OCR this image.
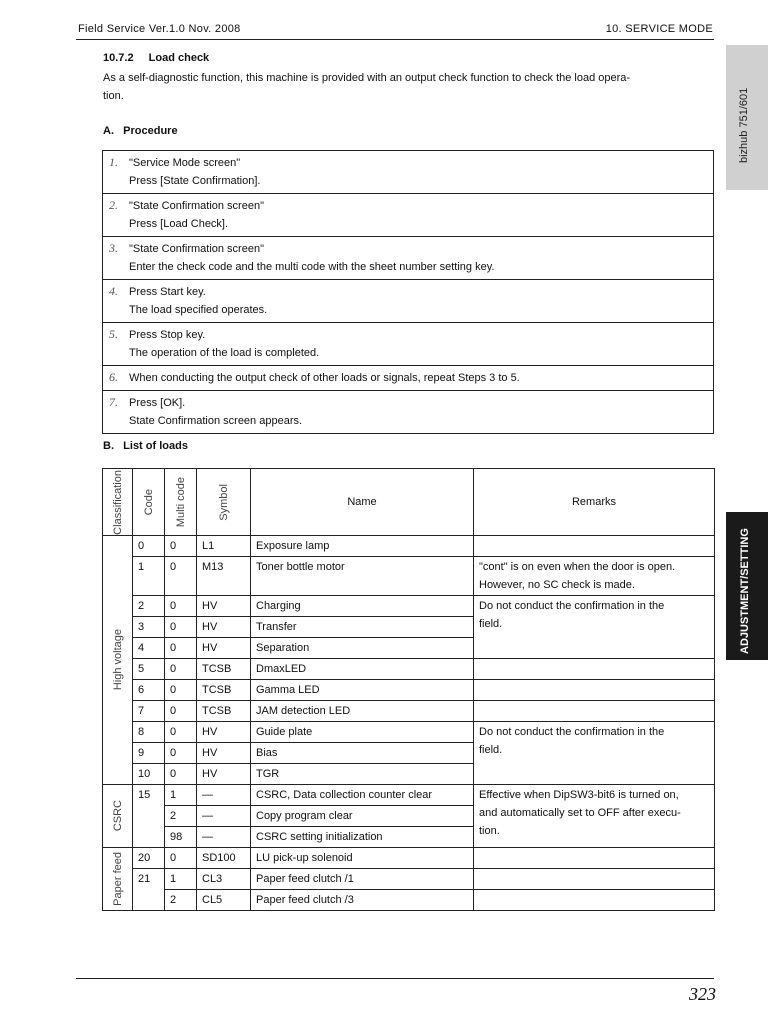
Field Service Ver.1.0 Nov. 2008	10. SERVICE MODE
bizhub 751/601
ADJUSTMENT/SETTING
10.7.2 Load check
As a self-diagnostic function, this machine is provided with an output check function to check the load opera-
tion.
A.   Procedure
1. "Service Mode screen"
Press [State Confirmation].

2. "State Confirmation screen"
Press [Load Check].

3. "State Confirmation screen"
Enter the check code and the multi code with the sheet number setting key.

4. Press Start key.
The load specified operates.

5. Press Stop key.
The operation of the load is completed.

6. When conducting the output check of other loads or signals, repeat Steps 3 to 5.
7. Press [OK].
State Confirmation screen appears.
B.   List of loads
Classification	Code	Multi code	Symbol	Name	Remarks

High voltage	0	0	L1	Exposure lamp	
	1	0	M13	Toner bottle motor	"cont" is on even when the door is open.
However, no SC check is made.

	2	0	HV	Charging	Do not conduct the confirmation in the
field.

	3	0	HV	Transfer	
	4	0	HV	Separation	
	5	0	TCSB	DmaxLED	
	6	0	TCSB	Gamma LED	
	7	0	TCSB	JAM detection LED	
	8	0	HV	Guide plate	Do not conduct the confirmation in the
field.

	9	0	HV	Bias	
	10	0	HV	TGR	

CSRC	15	1	—	CSRC, Data collection counter clear	Effective when DipSW3-bit6 is turned on,
and automatically set to OFF after execu-
tion.

		2	—	Copy program clear	
		98	—	CSRC setting initialization	

Paper feed	20	0	SD100	LU pick-up solenoid	
	21	1	CL3	Paper feed clutch /1	
		2	CL5	Paper feed clutch /3	
323
